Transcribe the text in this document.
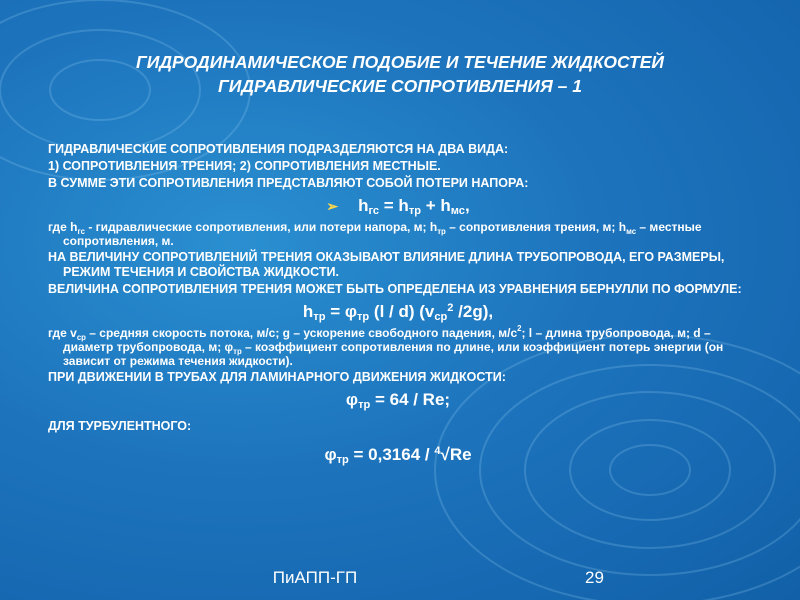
ГИДРОДИНАМИЧЕСКОЕ ПОДОБИЕ И ТЕЧЕНИЕ ЖИДКОСТЕЙ
ГИДРАВЛИЧЕСКИЕ СОПРОТИВЛЕНИЯ – 1
ГИДРАВЛИЧЕСКИЕ СОПРОТИВЛЕНИЯ ПОДРАЗДЕЛЯЮТСЯ НА ДВА ВИДА:
1) СОПРОТИВЛЕНИЯ ТРЕНИЯ; 2) СОПРОТИВЛЕНИЯ МЕСТНЫЕ.
В СУММЕ ЭТИ СОПРОТИВЛЕНИЯ ПРЕДСТАВЛЯЮТ СОБОЙ ПОТЕРИ НАПОРА:
➢ $h_{гс} = h_{тр} + h_{мс}$,
где $h_{гс}$ - гидравлические сопротивления, или потери напора, м; $h_{тр}$ – сопротивления трения, м; $h_{мс}$ – местные сопротивления, м.
НА ВЕЛИЧИНУ СОПРОТИВЛЕНИЙ ТРЕНИЯ ОКАЗЫВАЮТ ВЛИЯНИЕ ДЛИНА ТРУБОПРОВОДА, ЕГО РАЗМЕРЫ, РЕЖИМ ТЕЧЕНИЯ И СВОЙСТВА ЖИДКОСТИ.
ВЕЛИЧИНА СОПРОТИВЛЕНИЯ ТРЕНИЯ МОЖЕТ БЫТЬ ОПРЕДЕЛЕНА ИЗ УРАВНЕНИЯ БЕРНУЛЛИ ПО ФОРМУЛЕ:
$h_{тр} = \varphi_{тр}$ (l / d) ($v_{ср}^2$ /2g),
где $v_{ср}$ – средняя скорость потока, м/с; g – ускорение свободного падения, $м/с^2$; l – длина трубопровода, м; d – диаметр трубопровода, м; $\varphi_{тр}$ – коэффициент сопротивления по длине, или коэффициент потерь энергии (он зависит от режима течения жидкости).
ПРИ ДВИЖЕНИИ В ТРУБАХ ДЛЯ ЛАМИНАРНОГО ДВИЖЕНИЯ ЖИДКОСТИ:
$\varphi_{тр} = 64 / Re$;
ДЛЯ ТУРБУЛЕНТНОГО:
$\varphi_{тр} = 0,3164 / ^4√Re$
ПиАПП-ГП	29
